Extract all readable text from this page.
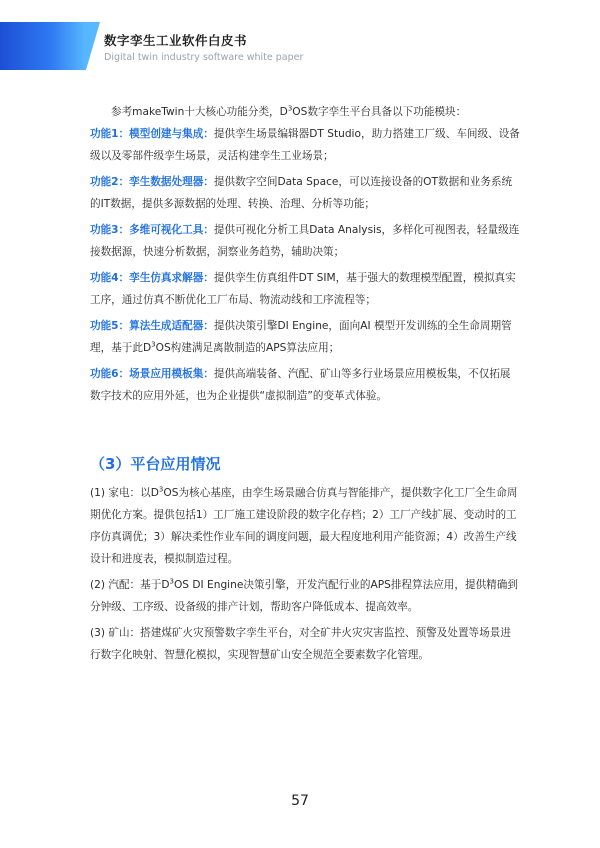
数字孪生工业软件白皮书
Digital twin industry software white paper

参考makeTwin十大核心功能分类，$D^3OS$数字孪生平台具备以下功能模块：

功能1：模型创建与集成：提供孪生场景编辑器DT Studio，助力搭建工厂级、车间级、设备级以及零部件级孪生场景，灵活构建孪生工业场景；

功能2：孪生数据处理器：提供数字空间Data Space，可以连接设备的OT数据和业务系统的IT数据，提供多源数据的处理、转换、治理、分析等功能；

功能3：多维可视化工具：提供可视化分析工具Data Analysis，多样化可视图表，轻量级连接数据源，快速分析数据，洞察业务趋势，辅助决策；

功能4：孪生仿真求解器：提供孪生仿真组件DT SIM，基于强大的数理模型配置，模拟真实工序，通过仿真不断优化工厂布局、物流动线和工序流程等；

功能5：算法生成适配器：提供决策引擎DI Engine，面向AI 模型开发训练的全生命周期管理，基于此$D^3OS$构建满足离散制造的APS算法应用；

功能6：场景应用模板集：提供高端装备、汽配、矿山等多行业场景应用模板集，不仅拓展数字技术的应用外延，也为企业提供“虚拟制造”的变革式体验。

（3）平台应用情况

(1) 家电：以$D^3OS$为核心基座，由孪生场景融合仿真与智能排产，提供数字化工厂全生命周期优化方案。提供包括1）工厂施工建设阶段的数字化存档；2）工厂产线扩展、变动时的工序仿真调优；3）解决柔性作业车间的调度问题，最大程度地利用产能资源；4）改善生产线设计和进度表，模拟制造过程。

(2) 汽配：基于$D^3OS$ DI Engine决策引擎，开发汽配行业的APS排程算法应用，提供精确到分钟级、工序级、设备级的排产计划，帮助客户降低成本、提高效率。

(3) 矿山：搭建煤矿火灾预警数字孪生平台，对全矿井火灾灾害监控、预警及处置等场景进行数字化映射、智慧化模拟，实现智慧矿山安全规范全要素数字化管理。

57
